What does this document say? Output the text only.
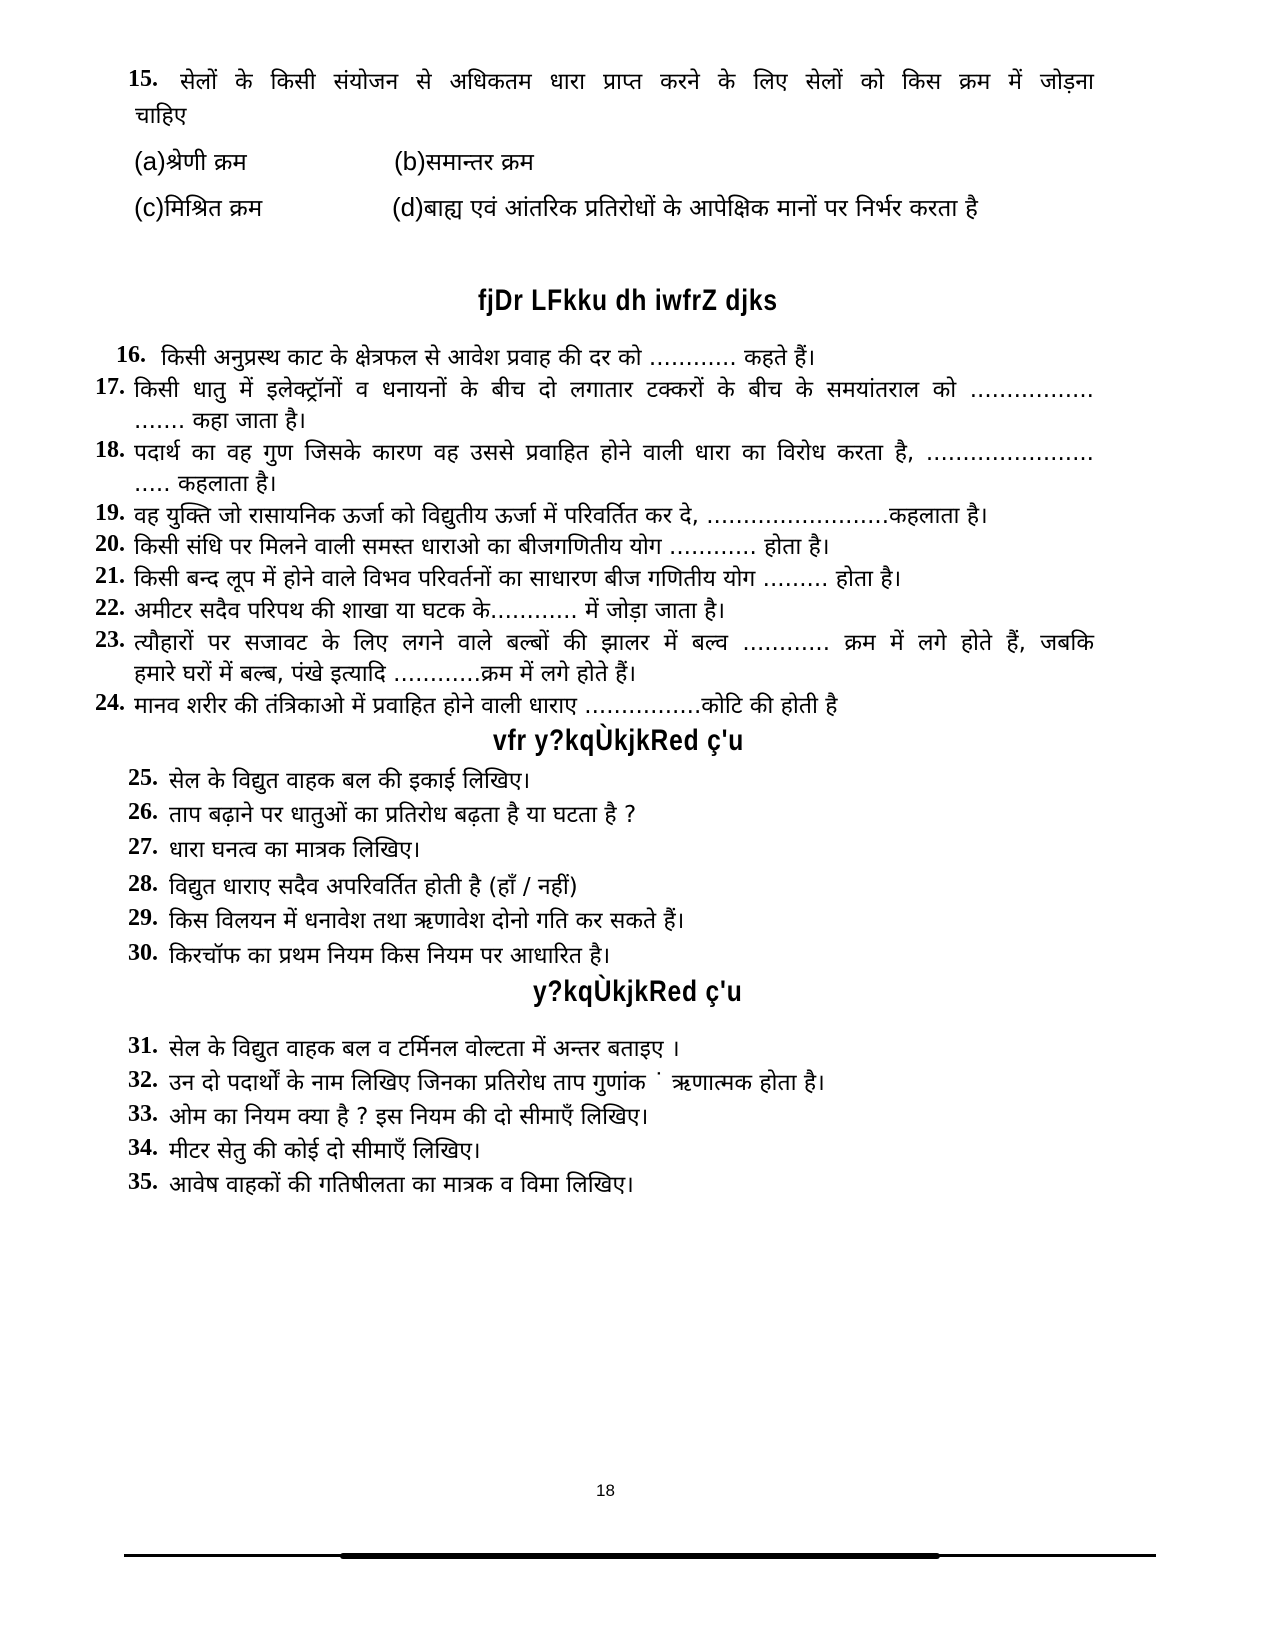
15. सेलों के किसी संयोजन से अधिकतम धारा प्राप्त करने के लिए सेलों को किस क्रम में जोड़ना
चाहिए
(a)श्रेणी क्रम	(b)समान्तर क्रम
(c)मिश्रित क्रम	(d)बाह्य एवं आंतरिक प्रतिरोधों के आपेक्षिक मानों पर निर्भर करता है
fjDr LFkku dh iwfrZ djks
16. किसी अनुप्रस्थ काट के क्षेत्रफल से आवेश प्रवाह की दर को ............ कहते हैं।
17. किसी धातु में इलेक्ट्रॉनों व धनायनों के बीच दो लगातार टक्करों के बीच के समयांतराल को .................
....... कहा जाता है।
18. पदार्थ का वह गुण जिसके कारण वह उससे प्रवाहित होने वाली धारा का विरोध करता है, .......................
..... कहलाता है।
19. वह युक्ति जो रासायनिक ऊर्जा को विद्युतीय ऊर्जा में परिवर्तित कर दे, .........................कहलाता है।
20. किसी संधि पर मिलने वाली समस्त धाराओ का बीजगणितीय योग ............ होता है।
21. किसी बन्द लूप में होने वाले विभव परिवर्तनों का साधारण बीज गणितीय योग ......... होता है।
22. अमीटर सदैव परिपथ की शाखा या घटक के............ में जोड़ा जाता है।
23. त्यौहारों पर सजावट के लिए लगने वाले बल्बों की झालर में बल्व ............ क्रम में लगे होते हैं, जबकि
हमारे घरों में बल्ब, पंखे इत्यादि ............क्रम में लगे होते हैं।
24. मानव शरीर की तंत्रिकाओ में प्रवाहित होने वाली धाराए ................कोटि की होती है
vfr y?kqÙkjkRed ç'u
25. सेल के विद्युत वाहक बल की इकाई लिखिए।
26. ताप बढ़ाने पर धातुओं का प्रतिरोध बढ़ता है या घटता है ?
27. धारा घनत्व का मात्रक लिखिए।
28. विद्युत धाराए सदैव अपरिवर्तित होती है (हाँ / नहीं)
29. किस विलयन में धनावेश तथा ऋणावेश दोनो गति कर सकते हैं।
30. किरचॉफ का प्रथम नियम किस नियम पर आधारित है।
y?kqÙkjkRed ç'u
31. सेल के विद्युत वाहक बल व टर्मिनल वोल्टता में अन्तर बताइए ।
32. उन दो पदार्थों के नाम लिखिए जिनका प्रतिरोध ताप गुणांक ˙ ऋणात्मक होता है।
33. ओम का नियम क्या है ? इस नियम की दो सीमाएँ लिखिए।
34. मीटर सेतु की कोई दो सीमाएँ लिखिए।
35. आवेष वाहकों की गतिषीलता का मात्रक व विमा लिखिए।
18
